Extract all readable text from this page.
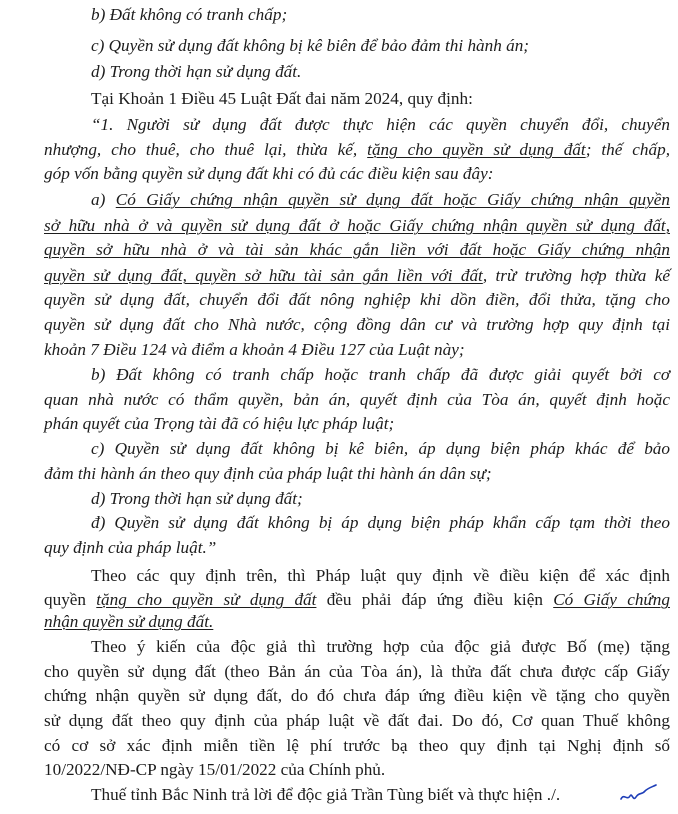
b) Đất không có tranh chấp;
c) Quyền sử dụng đất không bị kê biên để bảo đảm thi hành án;
d) Trong thời hạn sử dụng đất.
Tại Khoản 1 Điều 45 Luật Đất đai năm 2024, quy định:
“1. Người sử dụng đất được thực hiện các quyền chuyển đổi, chuyển
nhượng, cho thuê, cho thuê lại, thừa kế, tặng cho quyền sử dụng đất; thế chấp,
góp vốn bằng quyền sử dụng đất khi có đủ các điều kiện sau đây:
a) Có Giấy chứng nhận quyền sử dụng đất hoặc Giấy chứng nhận quyền
sở hữu nhà ở và quyền sử dụng đất ở hoặc Giấy chứng nhận quyền sử dụng đất,
quyền sở hữu nhà ở và tài sản khác gắn liền với đất hoặc Giấy chứng nhận
quyền sử dụng đất, quyền sở hữu tài sản gắn liền với đất, trừ trường hợp thừa kế
quyền sử dụng đất, chuyển đổi đất nông nghiệp khi dồn điền, đổi thửa, tặng cho
quyền sử dụng đất cho Nhà nước, cộng đồng dân cư và trường hợp quy định tại
khoản 7 Điều 124 và điểm a khoản 4 Điều 127 của Luật này;
b) Đất không có tranh chấp hoặc tranh chấp đã được giải quyết bởi cơ
quan nhà nước có thẩm quyền, bản án, quyết định của Tòa án, quyết định hoặc
phán quyết của Trọng tài đã có hiệu lực pháp luật;
c) Quyền sử dụng đất không bị kê biên, áp dụng biện pháp khác để bảo
đảm thi hành án theo quy định của pháp luật thi hành án dân sự;
d) Trong thời hạn sử dụng đất;
đ) Quyền sử dụng đất không bị áp dụng biện pháp khẩn cấp tạm thời theo
quy định của pháp luật.”
Theo các quy định trên, thì Pháp luật quy định về điều kiện để xác định
quyền tặng cho quyền sử dụng đất đều phải đáp ứng điều kiện Có Giấy chứng
nhận quyền sử dụng đất.
Theo ý kiến của độc giả thì trường hợp của độc giả được Bố (mẹ) tặng
cho quyền sử dụng đất (theo Bản án của Tòa án), là thửa đất chưa được cấp Giấy
chứng nhận quyền sử dụng đất, do đó chưa đáp ứng điều kiện về tặng cho quyền
sử dụng đất theo quy định của pháp luật về đất đai. Do đó, Cơ quan Thuế không
có cơ sở xác định miễn tiền lệ phí trước bạ theo quy định tại Nghị định số
10/2022/NĐ-CP ngày 15/01/2022 của Chính phủ.
Thuế tỉnh Bắc Ninh trả lời để độc giả Trần Tùng biết và thực hiện ./.
